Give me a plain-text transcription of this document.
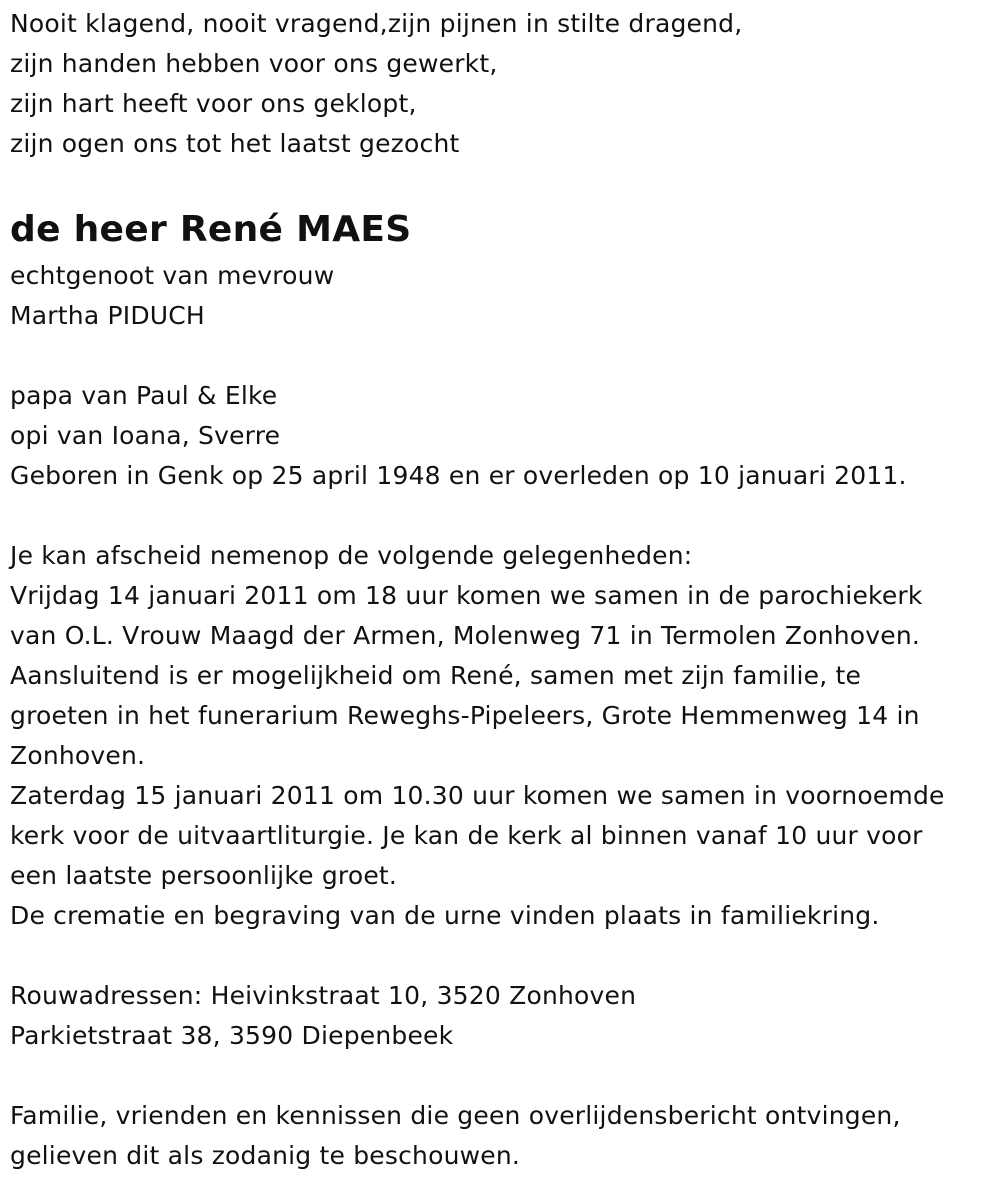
Nooit klagend, nooit vragend,zijn pijnen in stilte dragend,
zijn handen hebben voor ons gewerkt,
zijn hart heeft voor ons geklopt,
zijn ogen ons tot het laatst gezocht
de heer René MAES
echtgenoot van mevrouw
Martha PIDUCH
papa van Paul & Elke
opi van Ioana, Sverre
Geboren in Genk op 25 april 1948 en er overleden op 10 januari 2011.
Je kan afscheid nemenop de volgende gelegenheden:
Vrijdag 14 januari 2011 om 18 uur komen we samen in de parochiekerk
van O.L. Vrouw Maagd der Armen, Molenweg 71 in Termolen Zonhoven.
Aansluitend is er mogelijkheid om René, samen met zijn familie, te
groeten in het funerarium Reweghs-Pipeleers, Grote Hemmenweg 14 in
Zonhoven.
Zaterdag 15 januari 2011 om 10.30 uur komen we samen in voornoemde
kerk voor de uitvaartliturgie. Je kan de kerk al binnen vanaf 10 uur voor
een laatste persoonlijke groet.
De crematie en begraving van de urne vinden plaats in familiekring.
Rouwadressen: Heivinkstraat 10, 3520 Zonhoven
Parkietstraat 38, 3590 Diepenbeek
Familie, vrienden en kennissen die geen overlijdensbericht ontvingen,
gelieven dit als zodanig te beschouwen.
